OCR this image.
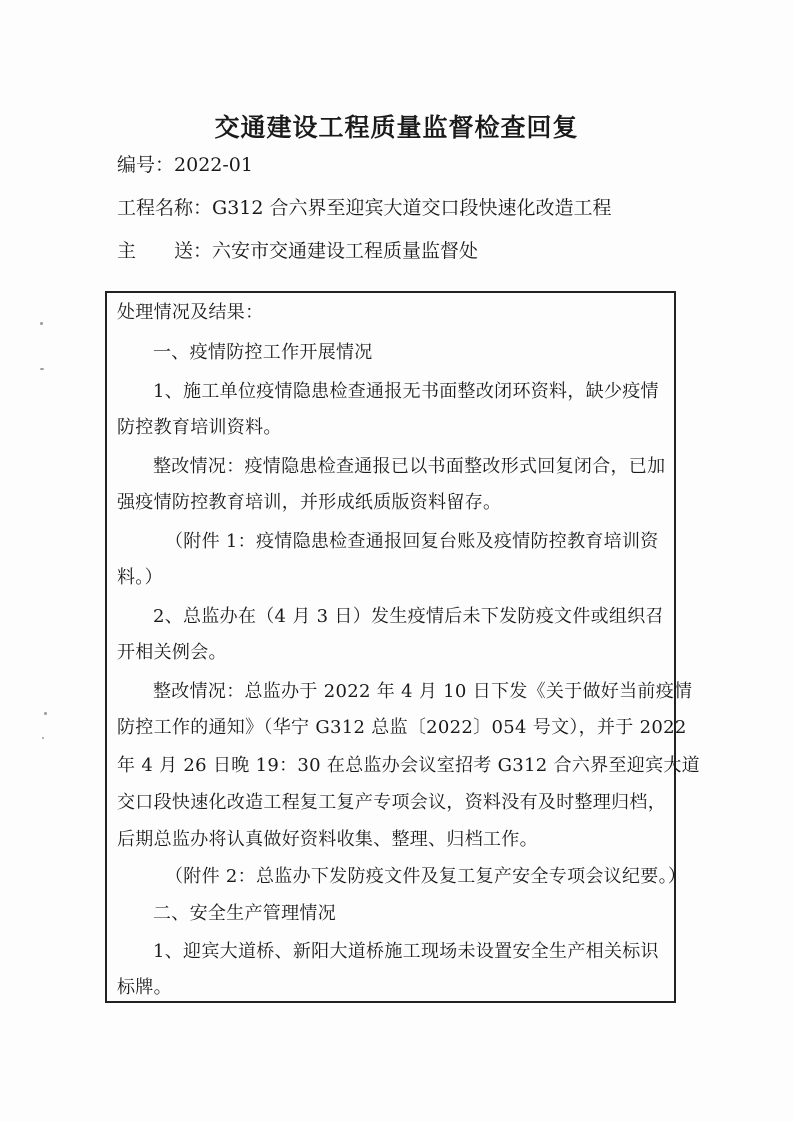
交通建设工程质量监督检查回复
编号：2022-01
工程名称：G312 合六界至迎宾大道交口段快速化改造工程
主　　送：六安市交通建设工程质量监督处
处理情况及结果：
一、疫情防控工作开展情况
1、施工单位疫情隐患检查通报无书面整改闭环资料，缺少疫情
防控教育培训资料。
整改情况：疫情隐患检查通报已以书面整改形式回复闭合，已加
强疫情防控教育培训，并形成纸质版资料留存。
（附件 1：疫情隐患检查通报回复台账及疫情防控教育培训资
料。）
2、总监办在（4 月 3 日）发生疫情后未下发防疫文件或组织召
开相关例会。
整改情况：总监办于 2022 年 4 月 10 日下发《关于做好当前疫情
防控工作的通知》（华宁 G312 总监〔2022〕054 号文），并于 2022
年 4 月 26 日晚 19：30 在总监办会议室招考 G312 合六界至迎宾大道
交口段快速化改造工程复工复产专项会议，资料没有及时整理归档，
后期总监办将认真做好资料收集、整理、归档工作。
（附件 2：总监办下发防疫文件及复工复产安全专项会议纪要。）
二、安全生产管理情况
1、迎宾大道桥、新阳大道桥施工现场未设置安全生产相关标识
标牌。
